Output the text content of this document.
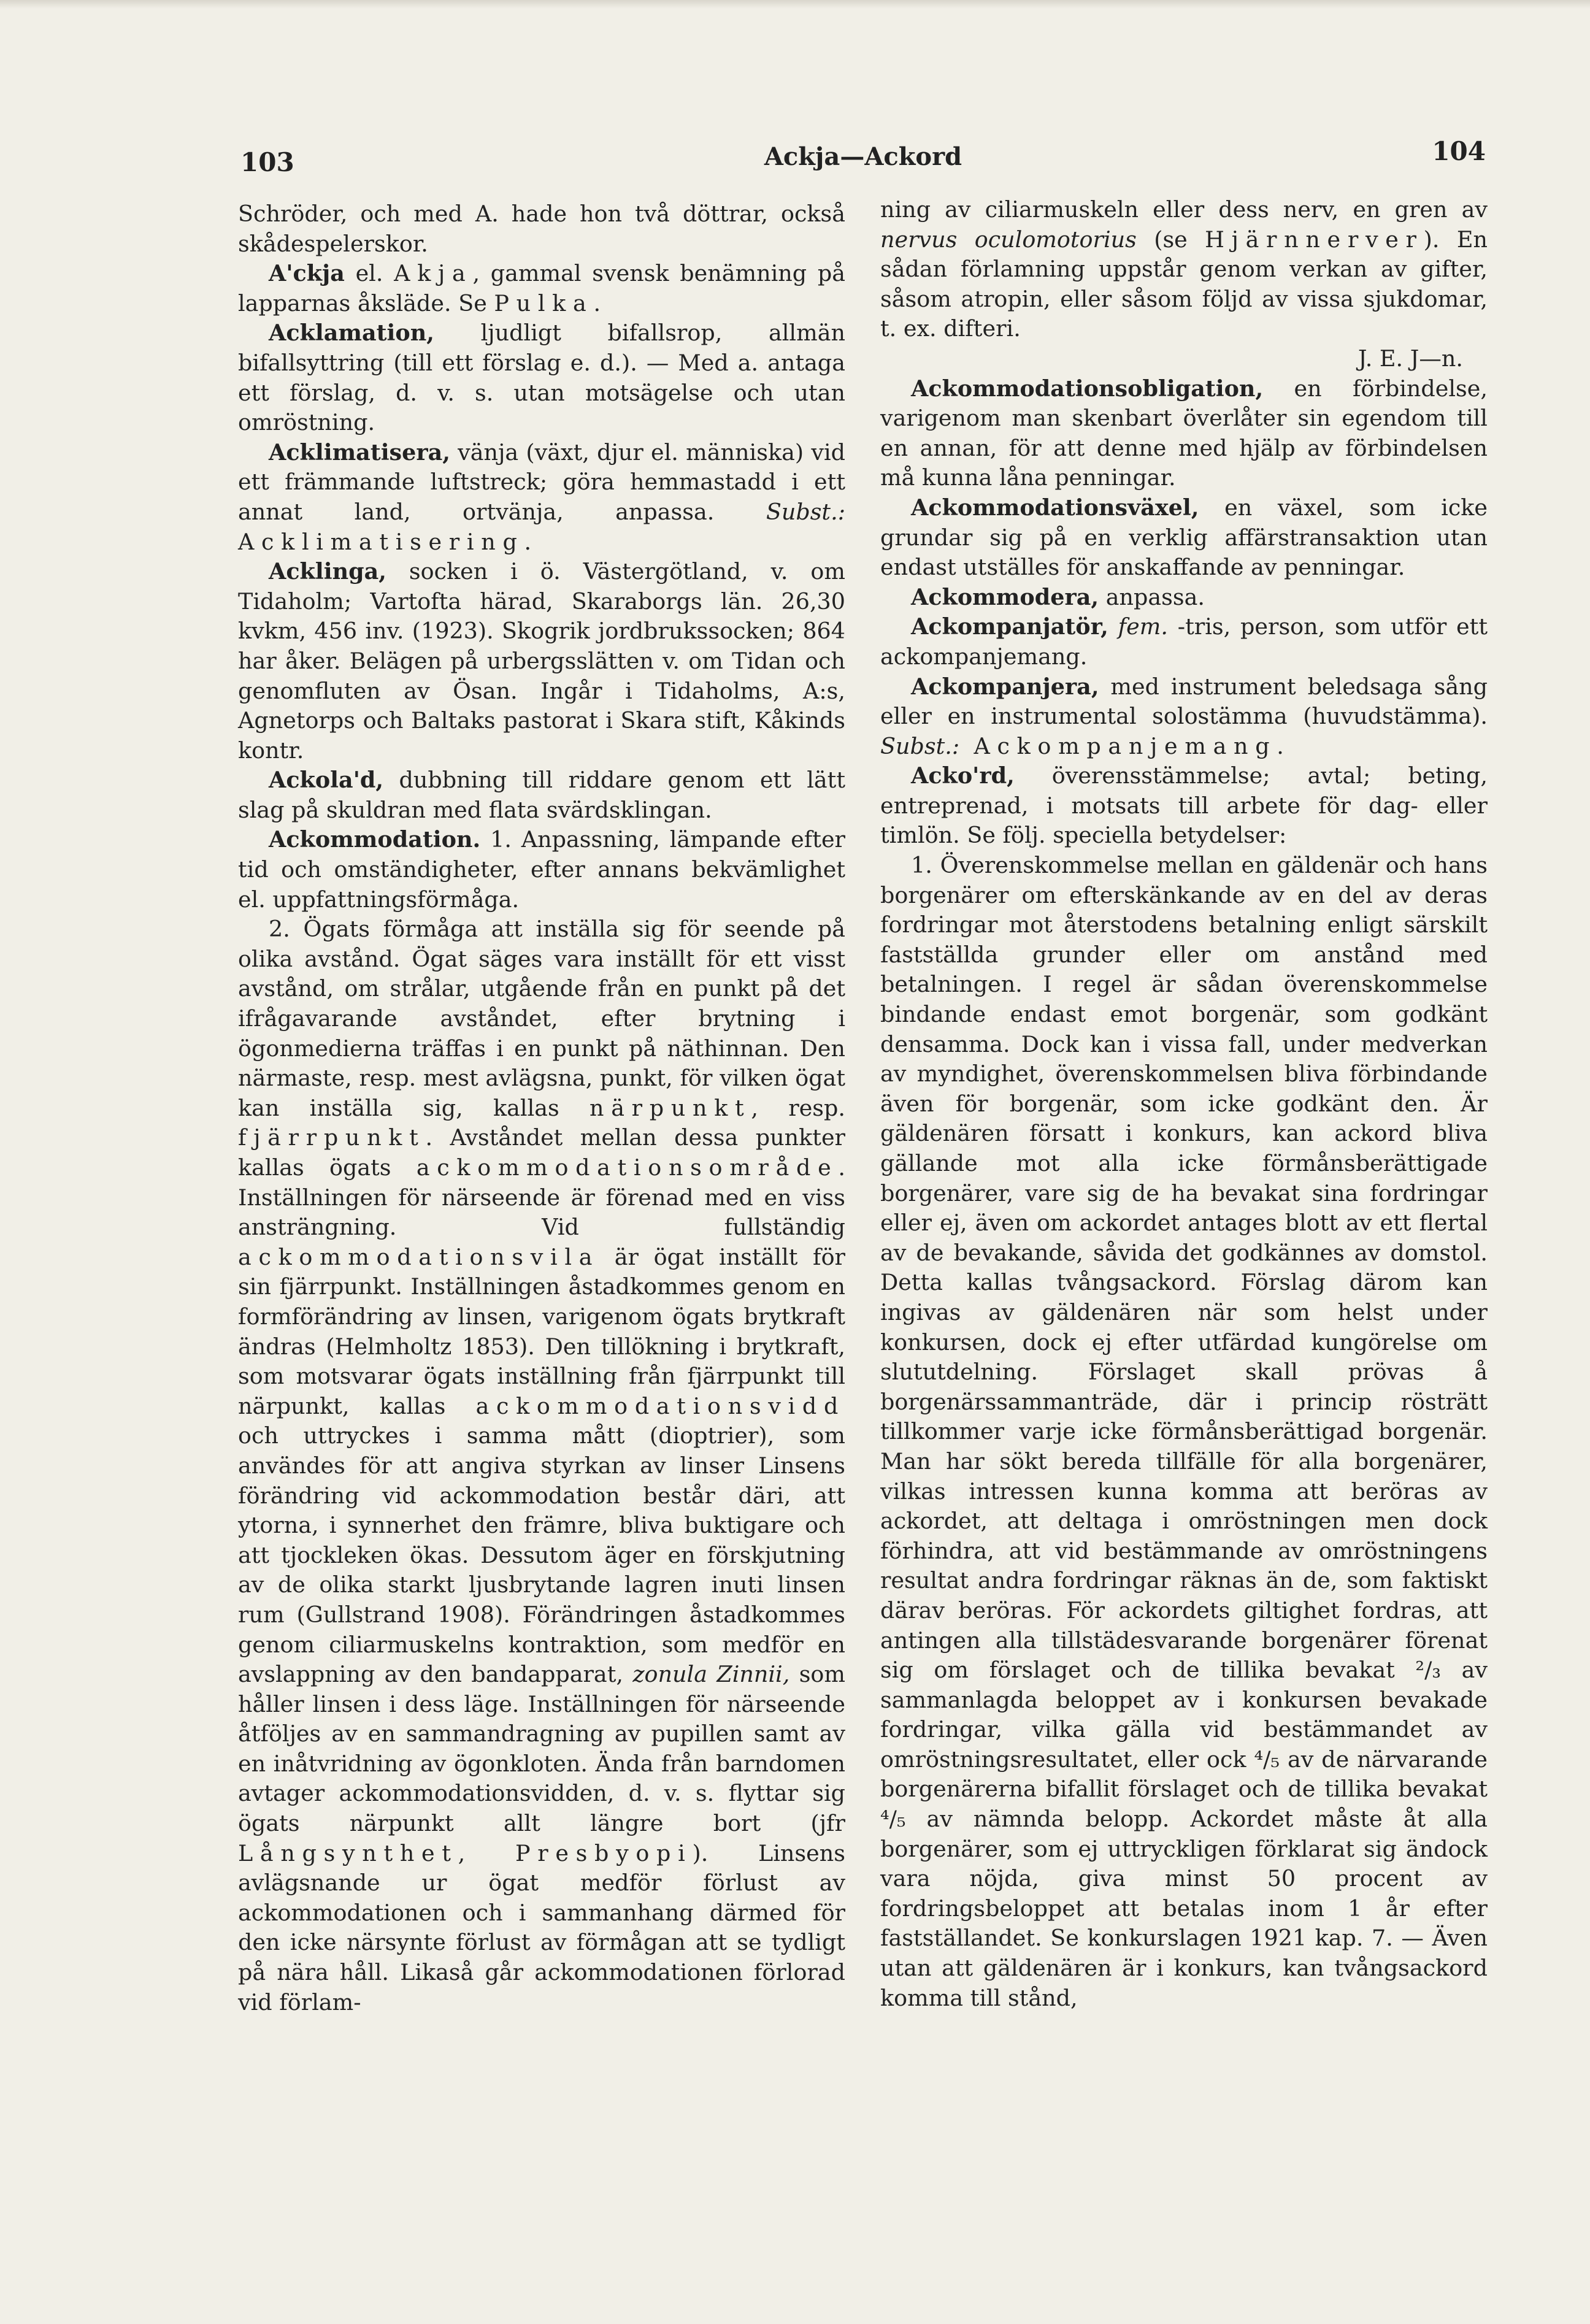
103	Ackja—Ackord	104

Schröder, och med A. hade hon två döttrar, också skådespelerskor.

A'ckja el. Akja, gammal svensk benämning på lapparnas åksläde. Se Pulka.

Acklamation, ljudligt bifallsrop, allmän bifallsyttring (till ett förslag e. d.). — Med a. antaga ett förslag, d. v. s. utan motsägelse och utan omröstning.

Acklimatisera, vänja (växt, djur el. människa) vid ett främmande luftstreck; göra hemmastadd i ett annat land, ortvänja, anpassa. Subst.: Acklimatisering.

Acklinga, socken i ö. Västergötland, v. om Tidaholm; Vartofta härad, Skaraborgs län. 26,30 kvkm, 456 inv. (1923). Skogrik jordbrukssocken; 864 har åker. Belägen på urbergsslätten v. om Tidan och genomfluten av Ösan. Ingår i Tidaholms, A:s, Agnetorps och Baltaks pastorat i Skara stift, Kåkinds kontr.

Ackola'd, dubbning till riddare genom ett lätt slag på skuldran med flata svärdsklingan.

Ackommodation. 1. Anpassning, lämpande efter tid och omständigheter, efter annans bekvämlighet el. uppfattningsförmåga.

2. Ögats förmåga att inställa sig för seende på olika avstånd. Ögat säges vara inställt för ett visst avstånd, om strålar, utgående från en punkt på det ifrågavarande avståndet, efter brytning i ögonmedierna träffas i en punkt på näthinnan. Den närmaste, resp. mest avlägsna, punkt, för vilken ögat kan inställa sig, kallas närpunkt, resp. fjärrpunkt. Avståndet mellan dessa punkter kallas ögats ackommodationsområde. Inställningen för närseende är förenad med en viss ansträngning. Vid fullständig ackommodationsvila är ögat inställt för sin fjärrpunkt. Inställningen åstadkommes genom en formförändring av linsen, varigenom ögats brytkraft ändras (Helmholtz 1853). Den tillökning i brytkraft, som motsvarar ögats inställning från fjärrpunkt till närpunkt, kallas ackommodationsvidd och uttryckes i samma mått (dioptrier), som användes för att angiva styrkan av linser Linsens förändring vid ackommodation består däri, att ytorna, i synnerhet den främre, bliva buktigare och att tjockleken ökas. Dessutom äger en förskjutning av de olika starkt ljusbrytande lagren inuti linsen rum (Gullstrand 1908). Förändringen åstadkommes genom ciliarmuskelns kontraktion, som medför en avslappning av den bandapparat, zonula Zinnii, som håller linsen i dess läge. Inställningen för närseende åtföljes av en sammandragning av pupillen samt av en inåtvridning av ögonkloten. Ända från barndomen avtager ackommodationsvidden, d. v. s. flyttar sig ögats närpunkt allt längre bort (jfr Långsynthet, Presbyopi). Linsens avlägsnande ur ögat medför förlust av ackommodationen och i sammanhang därmed för den icke närsynte förlust av förmågan att se tydligt på nära håll. Likaså går ackommodationen förlorad vid förlam-

ning av ciliarmuskeln eller dess nerv, en gren av nervus oculomotorius (se Hjärnnerver). En sådan förlamning uppstår genom verkan av gifter, såsom atropin, eller såsom följd av vissa sjukdomar, t. ex. difteri.

J. E. J—n.

Ackommodationsobligation, en förbindelse, varigenom man skenbart överlåter sin egendom till en annan, för att denne med hjälp av förbindelsen må kunna låna penningar.

Ackommodationsväxel, en växel, som icke grundar sig på en verklig affärstransaktion utan endast utställes för anskaffande av penningar.

Ackommodera, anpassa.

Ackompanjatör, fem. -tris, person, som utför ett ackompanjemang.

Ackompanjera, med instrument beledsaga sång eller en instrumental solostämma (huvudstämma). Subst.: Ackompanjemang.

Acko'rd, överensstämmelse; avtal; beting, entreprenad, i motsats till arbete för dag- eller timlön. Se följ. speciella betydelser:

1. Överenskommelse mellan en gäldenär och hans borgenärer om efterskänkande av en del av deras fordringar mot återstodens betalning enligt särskilt fastställda grunder eller om anstånd med betalningen. I regel är sådan överenskommelse bindande endast emot borgenär, som godkänt densamma. Dock kan i vissa fall, under medverkan av myndighet, överenskommelsen bliva förbindande även för borgenär, som icke godkänt den. Är gäldenären försatt i konkurs, kan ackord bliva gällande mot alla icke förmånsberättigade borgenärer, vare sig de ha bevakat sina fordringar eller ej, även om ackordet antages blott av ett flertal av de bevakande, såvida det godkännes av domstol. Detta kallas tvångsackord. Förslag därom kan ingivas av gäldenären när som helst under konkursen, dock ej efter utfärdad kungörelse om slututdelning. Förslaget skall prövas å borgenärssammanträde, där i princip rösträtt tillkommer varje icke förmånsberättigad borgenär. Man har sökt bereda tillfälle för alla borgenärer, vilkas intressen kunna komma att beröras av ackordet, att deltaga i omröstningen men dock förhindra, att vid bestämmande av omröstningens resultat andra fordringar räknas än de, som faktiskt därav beröras. För ackordets giltighet fordras, att antingen alla tillstädesvarande borgenärer förenat sig om förslaget och de tillika bevakat ²/₃ av sammanlagda beloppet av i konkursen bevakade fordringar, vilka gälla vid bestämmandet av omröstningsresultatet, eller ock ⁴/₅ av de närvarande borgenärerna bifallit förslaget och de tillika bevakat ⁴/₅ av nämnda belopp. Ackordet måste åt alla borgenärer, som ej uttryckligen förklarat sig ändock vara nöjda, giva minst 50 procent av fordringsbeloppet att betalas inom 1 år efter fastställandet. Se konkurslagen 1921 kap. 7. — Även utan att gäldenären är i konkurs, kan tvångsackord komma till stånd,
